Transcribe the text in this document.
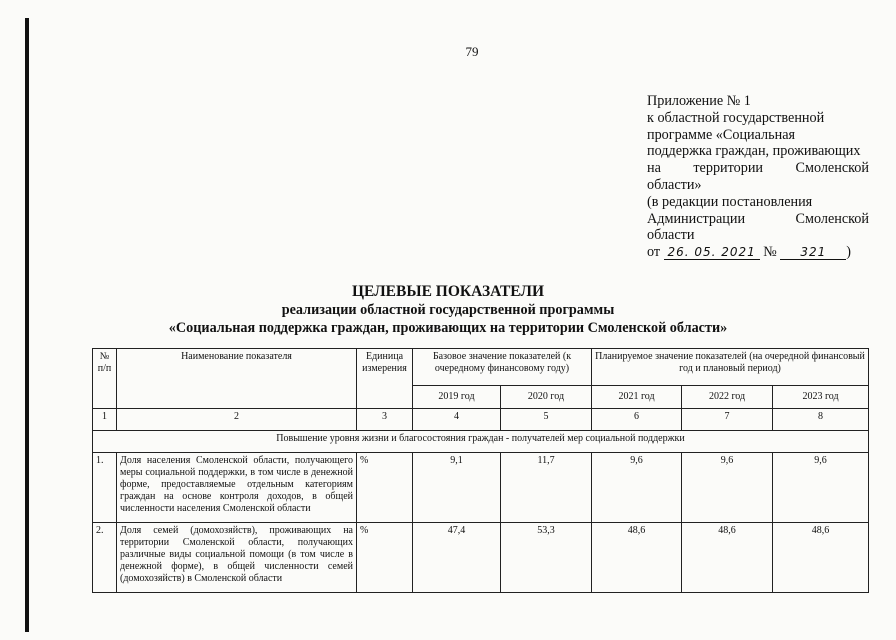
79
Приложение № 1
к областной государственной
программе «Социальная
поддержка граждан, проживающих
на территории Смоленской
области»
(в редакции постановления
Администрации	Смоленской
области
от 26. 05. 2021 № 321 )
ЦЕЛЕВЫЕ ПОКАЗАТЕЛИ
реализации областной государственной программы
«Социальная поддержка граждан, проживающих на территории Смоленской области»
№ п/п	Наименование показателя	Единица измерения	Базовое значение показателей (к очередному финансовому году)		Планируемое значение показателей (на очередной финансовый год и плановый период)		
			2019 год	2020 год	2021 год	2022 год	2023 год
1	2	3	4	5	6	7	8
Повышение уровня жизни и благосостояния граждан - получателей мер социальной поддержки							
1.	Доля населения Смоленской области, получающего меры социальной поддержки, в том числе в денежной форме, предоставляемые отдельным категориям граждан на основе контроля доходов, в общей численности населения Смоленской области	%	9,1	11,7	9,6	9,6	9,6
2.	Доля семей (домохозяйств), проживающих на территории Смоленской области, получающих различные виды социальной помощи (в том числе в денежной форме), в общей численности семей (домохозяйств) в Смоленской области	%	47,4	53,3	48,6	48,6	48,6
